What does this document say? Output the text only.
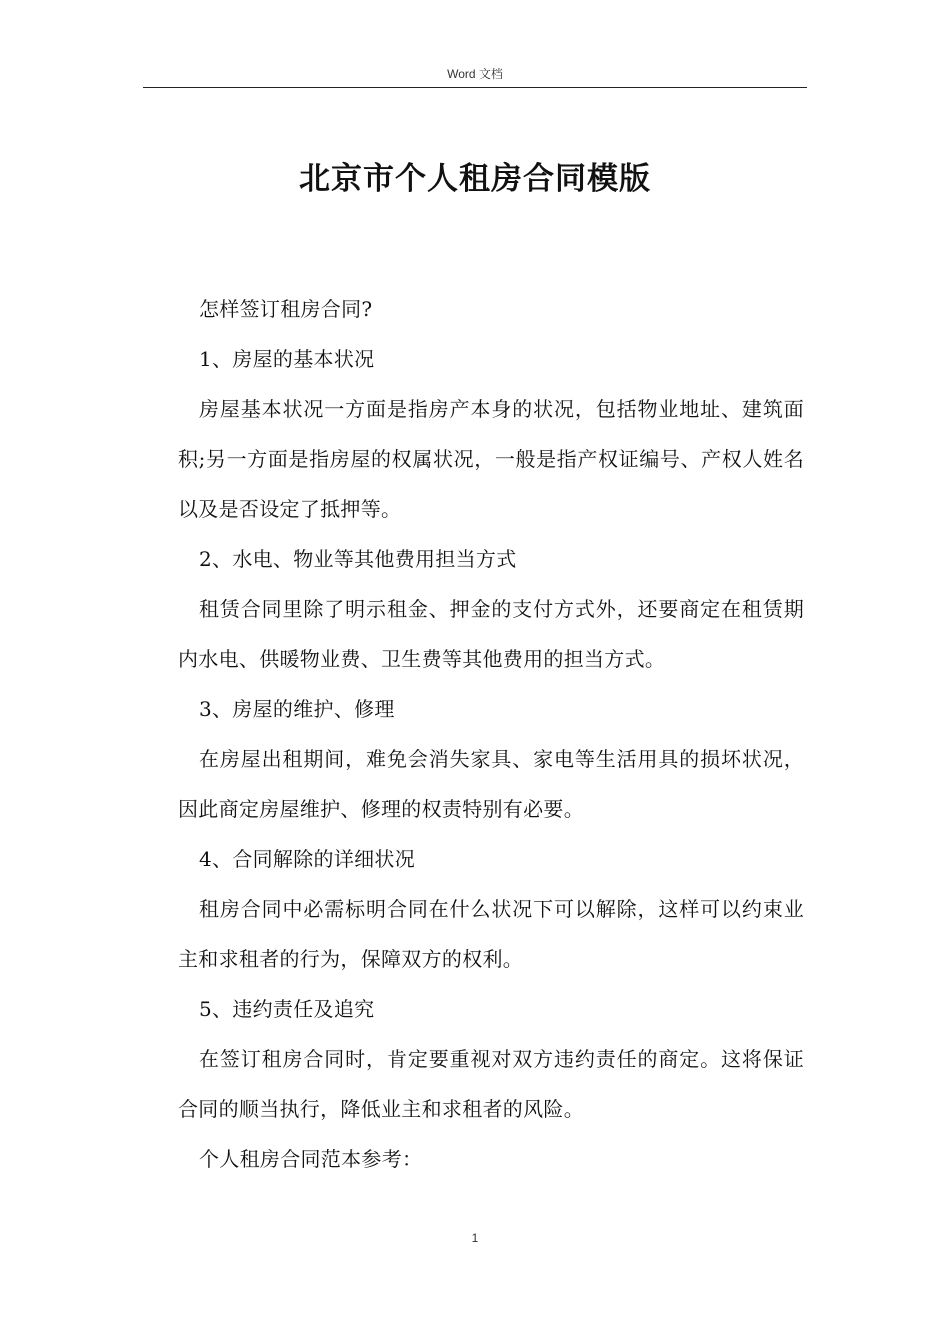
Word 文档
北京市个人租房合同模版

怎样签订租房合同?

1、房屋的基本状况

房屋基本状况一方面是指房产本身的状况，包括物业地址、建筑面积;另一方面是指房屋的权属状况，一般是指产权证编号、产权人姓名以及是否设定了抵押等。

2、水电、物业等其他费用担当方式

租赁合同里除了明示租金、押金的支付方式外，还要商定在租赁期内水电、供暖物业费、卫生费等其他费用的担当方式。

3、房屋的维护、修理

在房屋出租期间，难免会消失家具、家电等生活用具的损坏状况，因此商定房屋维护、修理的权责特别有必要。

4、合同解除的详细状况

租房合同中必需标明合同在什么状况下可以解除，这样可以约束业主和求租者的行为，保障双方的权利。

5、违约责任及追究

在签订租房合同时，肯定要重视对双方违约责任的商定。这将保证合同的顺当执行，降低业主和求租者的风险。

个人租房合同范本参考：

1
